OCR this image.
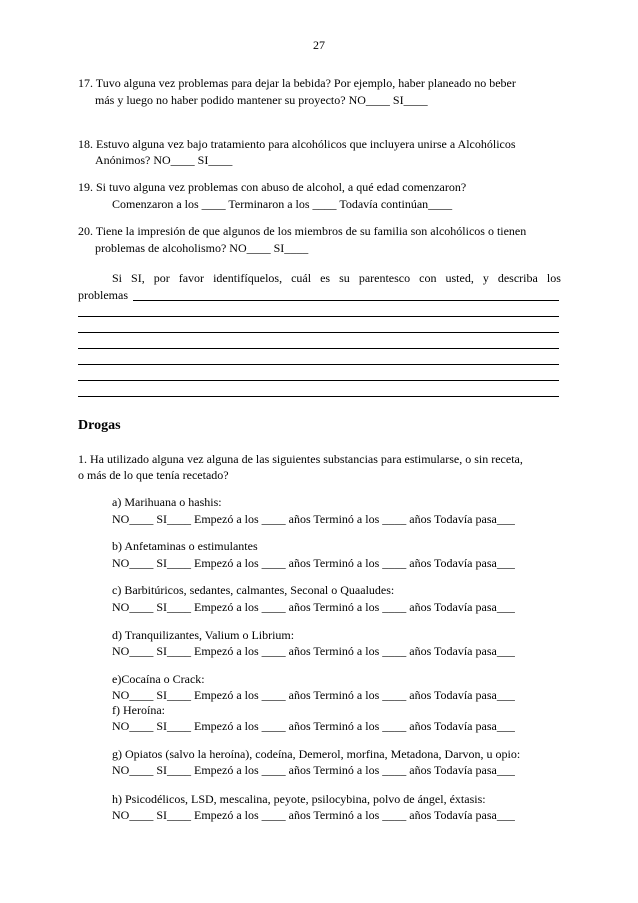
27
17. Tuvo alguna vez problemas para dejar la bebida? Por ejemplo, haber planeado no beber
más y luego no haber podido mantener su proyecto? NO____ SI____
18. Estuvo alguna vez bajo tratamiento para alcohólicos que incluyera unirse a Alcohólicos
Anónimos? NO____ SI____
19. Si tuvo alguna vez problemas con abuso de alcohol, a qué edad comenzaron?
Comenzaron a los ____ Terminaron a los ____ Todavía continúan____
20. Tiene la impresión de que algunos de los miembros de su familia son alcohólicos o tienen
problemas de alcoholismo? NO____ SI____
Si SI, por favor identifíquelos, cuál es su parentesco con usted, y describa los
problemas
Drogas
1. Ha utilizado alguna vez alguna de las siguientes substancias para estimularse, o sin receta,
o más de lo que tenía recetado?
a) Marihuana o hashis:
NO____ SI____ Empezó a los ____ años Terminó a los ____ años Todavía pasa___
b) Anfetaminas o estimulantes
NO____ SI____ Empezó a los ____ años Terminó a los ____ años Todavía pasa___
c) Barbitúricos, sedantes, calmantes, Seconal o Quaaludes:
NO____ SI____ Empezó a los ____ años Terminó a los ____ años Todavía pasa___
d) Tranquilizantes, Valium o Librium:
NO____ SI____ Empezó a los ____ años Terminó a los ____ años Todavía pasa___
e)Cocaína o Crack:
NO____ SI____ Empezó a los ____ años Terminó a los ____ años Todavía pasa___
f) Heroína:
NO____ SI____ Empezó a los ____ años Terminó a los ____ años Todavía pasa___
g) Opiatos (salvo la heroína), codeína, Demerol, morfina, Metadona, Darvon, u opio:
NO____ SI____ Empezó a los ____ años Terminó a los ____ años Todavía pasa___
h) Psicodélicos, LSD, mescalina, peyote, psilocybina, polvo de ángel, éxtasis:
NO____ SI____ Empezó a los ____ años Terminó a los ____ años Todavía pasa___
